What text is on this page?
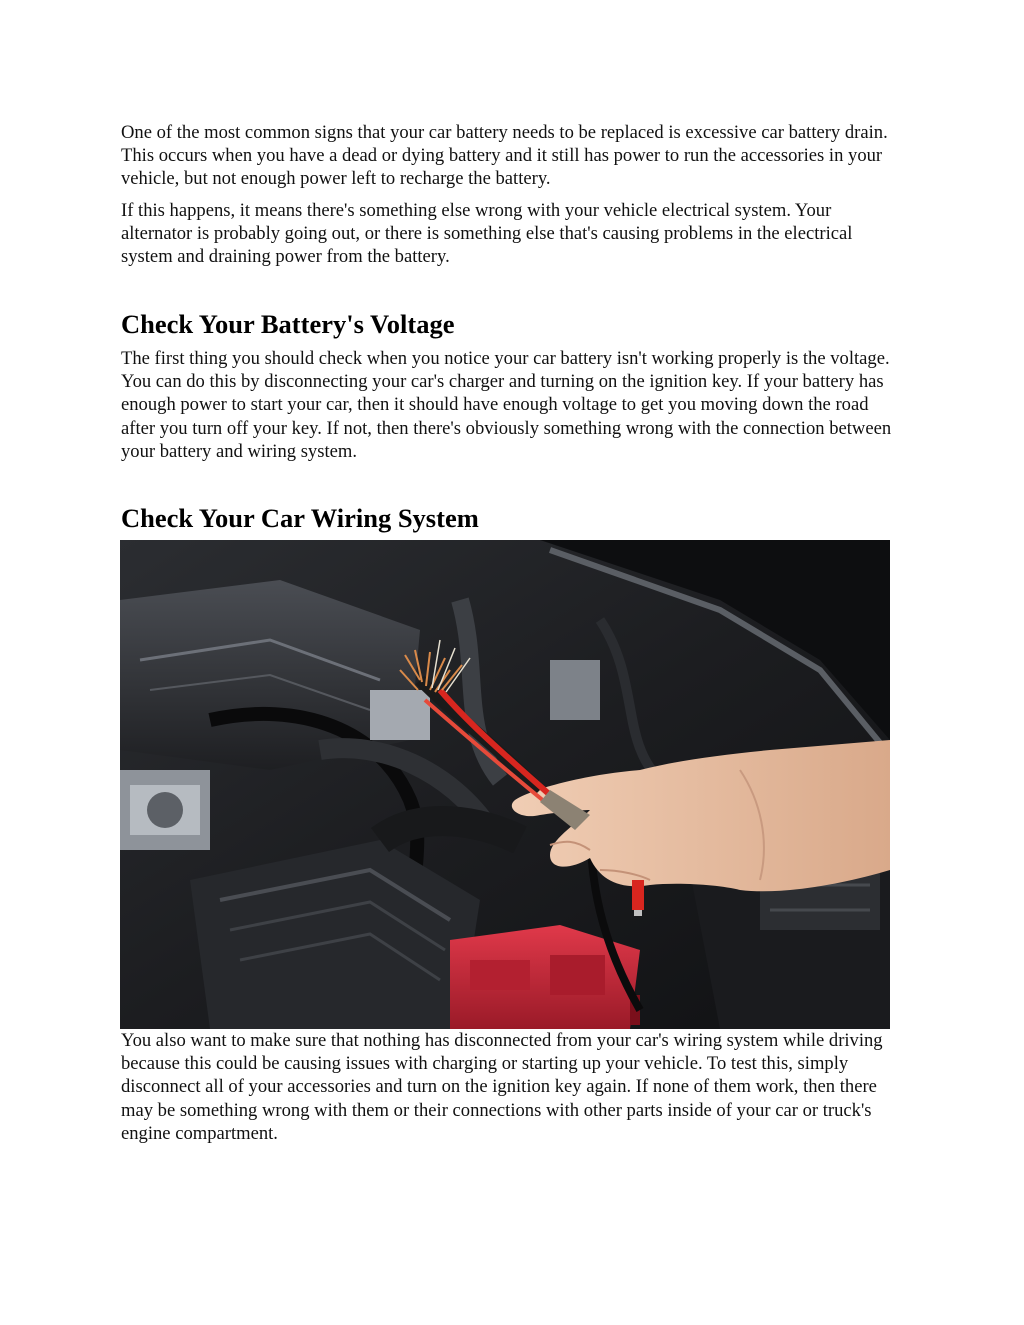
One of the most common signs that your car battery needs to be replaced is excessive car battery drain. This occurs when you have a dead or dying battery and it still has power to run the accessories in your vehicle, but not enough power left to recharge the battery.

If this happens, it means there's something else wrong with your vehicle electrical system. Your alternator is probably going out, or there is something else that's causing problems in the electrical system and draining power from the battery.

Check Your Battery's Voltage

The first thing you should check when you notice your car battery isn't working properly is the voltage. You can do this by disconnecting your car's charger and turning on the ignition key. If your battery has enough power to start your car, then it should have enough voltage to get you moving down the road after you turn off your key. If not, then there's obviously something wrong with the connection between your battery and wiring system.

Check Your Car Wiring System

You also want to make sure that nothing has disconnected from your car's wiring system while driving because this could be causing issues with charging or starting up your vehicle. To test this, simply disconnect all of your accessories and turn on the ignition key again. If none of them work, then there may be something wrong with them or their connections with other parts inside of your car or truck's engine compartment.
